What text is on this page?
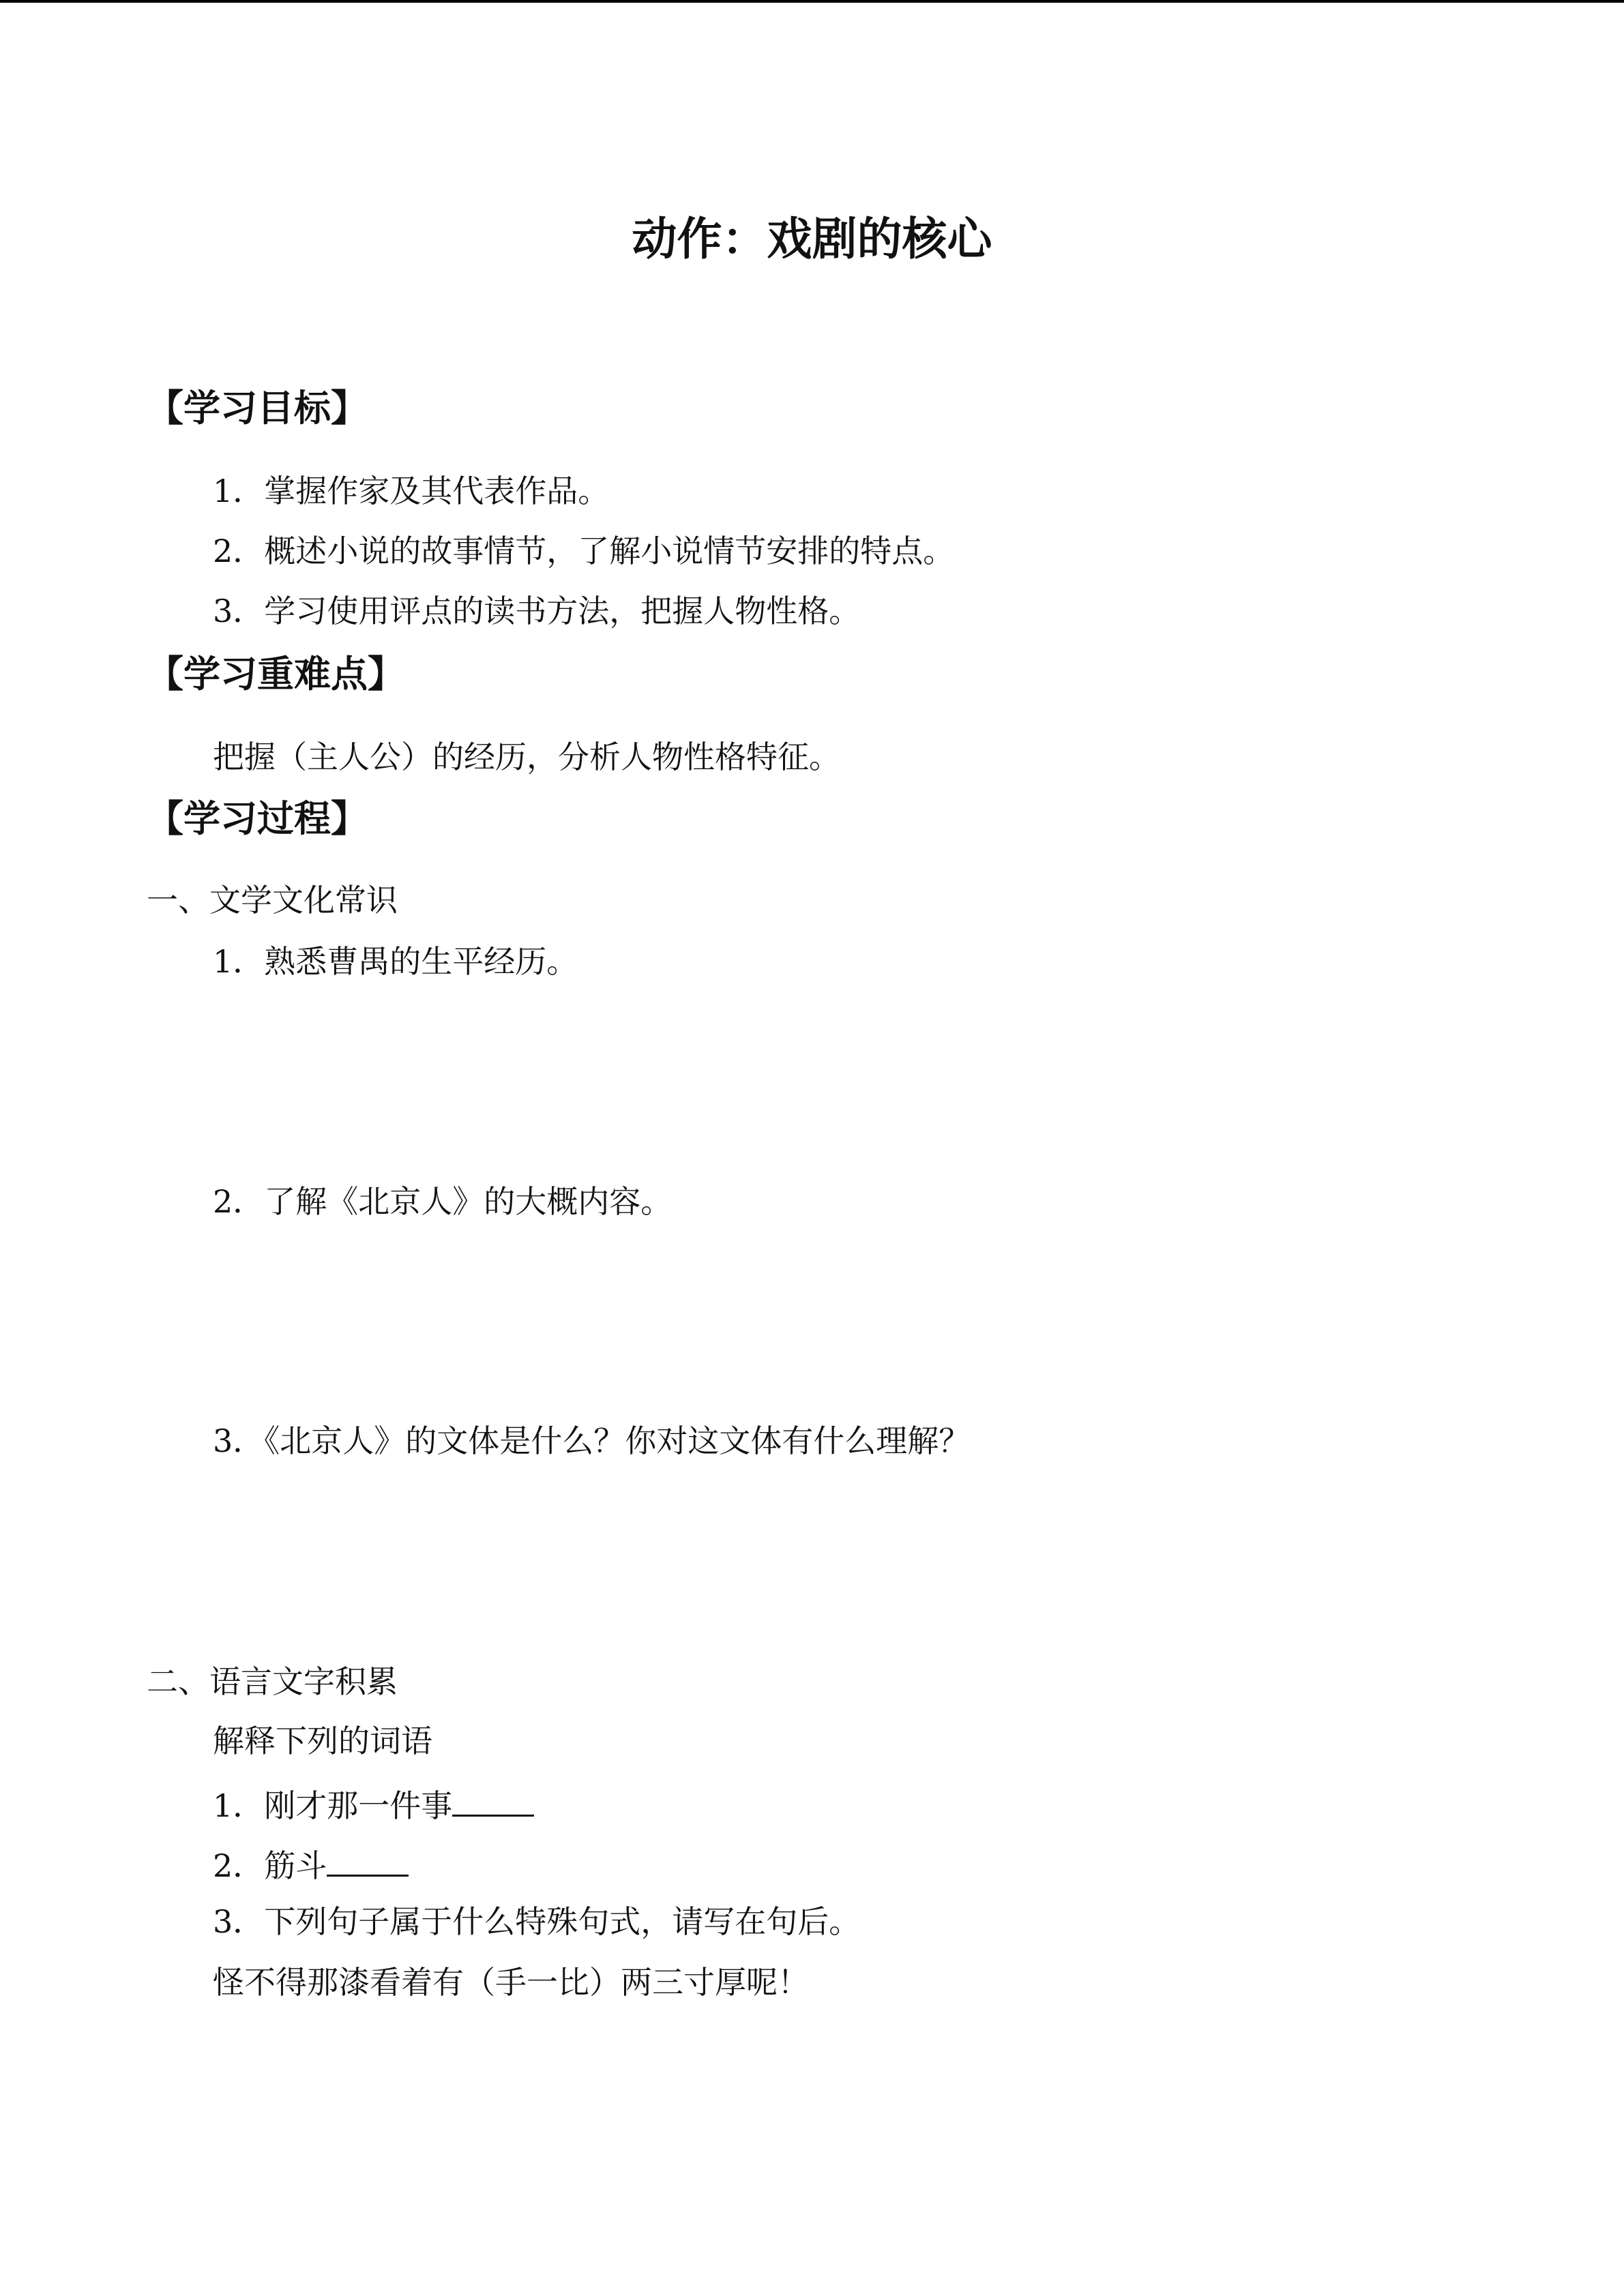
动作：戏剧的核心
【学习目标】
1．掌握作家及其代表作品。
2．概述小说的故事情节，了解小说情节安排的特点。
3．学习使用评点的读书方法，把握人物性格。
【学习重难点】
把握（主人公）的经历，分析人物性格特征。
【学习过程】
一、文学文化常识
1．熟悉曹禺的生平经历。
2．了解《北京人》的大概内容。
3．《北京人》的文体是什么？你对这文体有什么理解？
二、语言文字积累
解释下列的词语
1．刚才那一件事
2．筋斗
3．下列句子属于什么特殊句式，请写在句后。
怪不得那漆看着有（手一比）两三寸厚呢！
